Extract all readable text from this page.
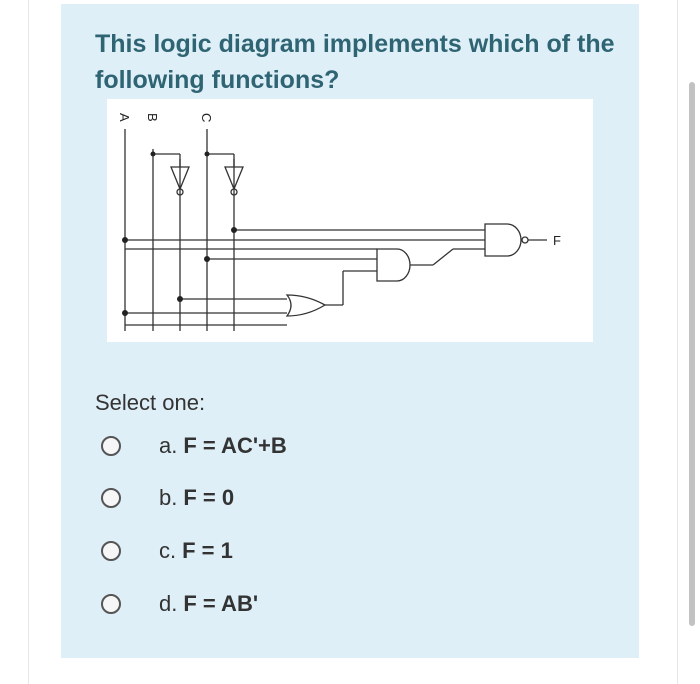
This logic diagram implements which of the following functions?
A B	C
F
Select one:
a. F = AC'+B
b. F = 0
c. F = 1
d. F = AB'
